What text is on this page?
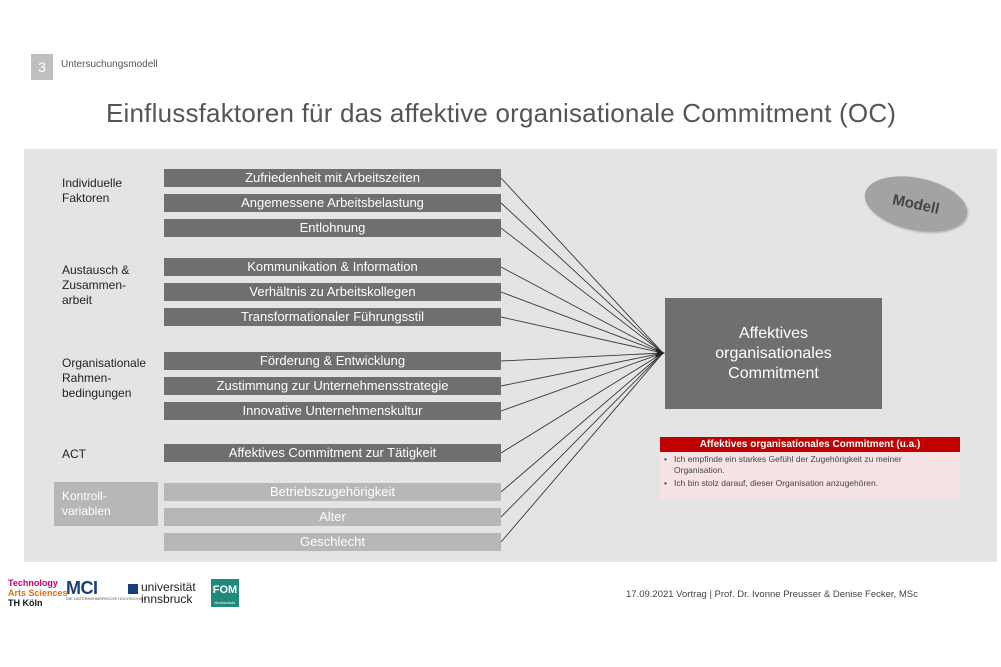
3	Untersuchungsmodell
Einflussfaktoren für das affektive organisationale Commitment (OC)
Individuelle
Faktoren
Austausch &
Zusammen-
arbeit
Organisationale
Rahmen-
bedingungen
ACT
Kontroll-
variablen
Zufriedenheit mit Arbeitszeiten
Angemessene Arbeitsbelastung
Entlohnung
Kommunikation & Information
Verhältnis zu Arbeitskollegen
Transformationaler Führungsstil
Förderung & Entwicklung
Zustimmung zur Unternehmensstrategie
Innovative Unternehmenskultur
Affektives Commitment zur Tätigkeit
Betriebszugehörigkeit
Alter
Geschlecht
Affektives organisationales Commitment
Modell
Affektives organisationales Commitment (u.a.)
• Ich empfinde ein starkes Gefühl der Zugehörigkeit zu meiner Organisation.
• Ich bin stolz darauf, dieser Organisation anzugehören.
Technology
Arts Sciences
TH Köln
MCI
DIE UNTERNEHMERISCHE HOCHSCHULE
universität
innsbruck
FOM
Hochschule
17.09.2021 Vortrag | Prof. Dr. Ivonne Preusser & Denise Fecker, MSc
